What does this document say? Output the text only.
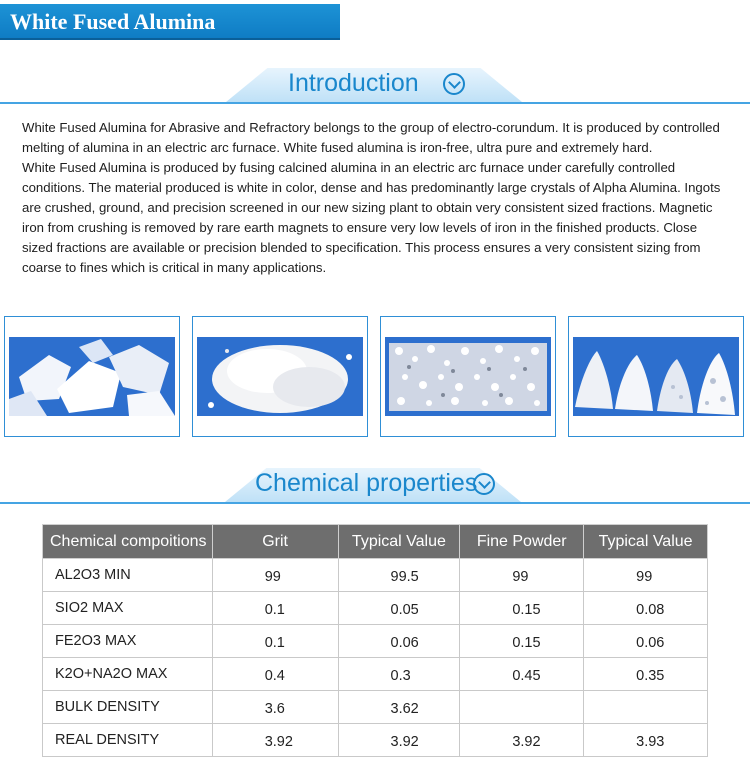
White Fused Alumina
Introduction

White Fused Alumina for Abrasive and Refractory belongs to the group of electro-corundum. It is produced by controlled melting of alumina in an electric arc furnace. White fused alumina is iron-free, ultra pure and extremely hard.

White Fused Alumina is produced by fusing calcined alumina in an electric arc furnace under carefully controlled conditions. The material produced is white in color, dense and has predominantly large crystals of Alpha Alumina. Ingots are crushed, ground, and precision screened in our new sizing plant to obtain very consistent sized fractions. Magnetic iron from crushing is removed by rare earth magnets to ensure very low levels of iron in the finished products. Close sized fractions are available or precision blended to specification. This process ensures a very consistent sizing from coarse to fines which is critical in many applications.

Chemical properties
Chemical compoitions	Grit	Typical Value	Fine Powder	Typical Value
AL2O3 MIN	99	99.5	99	99
SIO2 MAX	0.1	0.05	0.15	0.08
FE2O3 MAX	0.1	0.06	0.15	0.06
K2O+NA2O MAX	0.4	0.3	0.45	0.35
BULK DENSITY	3.6	3.62		
REAL DENSITY	3.92	3.92	3.92	3.93
